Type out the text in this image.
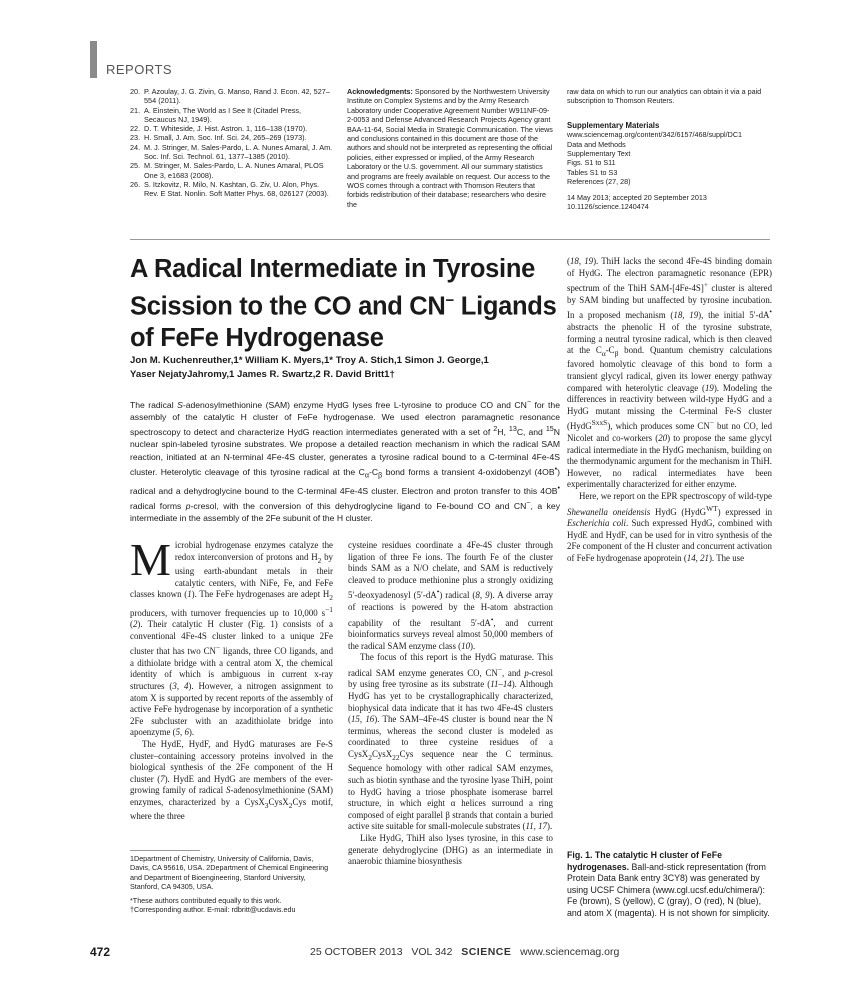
REPORTS
20. P. Azoulay, J. G. Zivin, G. Manso, Rand J. Econ. 42, 527–554 (2011).
21. A. Einstein, The World as I See It (Citadel Press, Secaucus NJ, 1949).
22. D. T. Whiteside, J. Hist. Astron. 1, 116–138 (1970).
23. H. Small, J. Am. Soc. Inf. Sci. 24, 265–269 (1973).
24. M. J. Stringer, M. Sales-Pardo, L. A. Nunes Amaral, J. Am. Soc. Inf. Sci. Technol. 61, 1377–1385 (2010).
25. M. Stringer, M. Sales-Pardo, L. A. Nunes Amaral, PLOS One 3, e1683 (2008).
26. S. Itzkovitz, R. Milo, N. Kashtan, G. Ziv, U. Alon, Phys. Rev. E Stat. Nonlin. Soft Matter Phys. 68, 026127 (2003).
Acknowledgments: Sponsored by the Northwestern University Institute on Complex Systems and by the Army Research Laboratory under Cooperative Agreement Number W911NF-09-2-0053 and Defense Advanced Research Projects Agency grant BAA-11-64, Social Media in Strategic Communication. The views and conclusions contained in this document are those of the authors and should not be interpreted as representing the official policies, either expressed or implied, of the Army Research Laboratory or the U.S. government. All our summary statistics and programs are freely available on request. Our access to the WOS comes through a contract with Thomson Reuters that forbids redistribution of their database; researchers who desire the
raw data on which to run our analytics can obtain it via a paid subscription to Thomson Reuters.
Supplementary Materials
www.sciencemag.org/content/342/6157/468/suppl/DC1
Data and Methods
Supplementary Text
Figs. S1 to S11
Tables S1 to S3
References (27, 28)
14 May 2013; accepted 20 September 2013
10.1126/science.1240474
A Radical Intermediate in Tyrosine
Scission to the CO and CN− Ligands
of FeFe Hydrogenase
Jon M. Kuchenreuther,1* William K. Myers,1* Troy A. Stich,1 Simon J. George,1
Yaser NejatyJahromy,1 James R. Swartz,2 R. David Britt1†
The radical S-adenosylmethionine (SAM) enzyme HydG lyses free L-tyrosine to produce CO and CN− for the assembly of the catalytic H cluster of FeFe hydrogenase. We used electron paramagnetic resonance spectroscopy to detect and characterize HydG reaction intermediates generated with a set of $^2$H, $^{13}$C, and $^{15}$N nuclear spin-labeled tyrosine substrates. We propose a detailed reaction mechanism in which the radical SAM reaction, initiated at an N-terminal 4Fe-4S cluster, generates a tyrosine radical bound to a C-terminal 4Fe-4S cluster. Heterolytic cleavage of this tyrosine radical at the $C_\alpha-C_\beta$ bond forms a transient 4-oxidobenzyl (4OB•) radical and a dehydroglycine bound to the C-terminal 4Fe-4S cluster. Electron and proton transfer to this 4OB• radical forms p-cresol, with the conversion of this dehydroglycine ligand to Fe-bound CO and CN−, a key intermediate in the assembly of the 2Fe subunit of the H cluster.

Microbial hydrogenase enzymes catalyze the redox interconversion of protons and $H_2$ by using earth-abundant metals in their catalytic centers, with NiFe, Fe, and FeFe classes known (1). The FeFe hydrogenases are adept $H_2$ producers, with turnover frequencies up to 10,000 $s^{-1}$ (2). Their catalytic H cluster (Fig. 1) consists of a conventional 4Fe-4S cluster linked to a unique 2Fe cluster that has two CN− ligands, three CO ligands, and a dithiolate bridge with a central atom X, the chemical identity of which is ambiguous in current x-ray structures (3, 4). However, a nitrogen assignment to atom X is supported by recent reports of the assembly of active FeFe hydrogenase by incorporation of a synthetic 2Fe subcluster with an azadithiolate bridge into apoenzyme (5, 6).

The HydE, HydF, and HydG maturases are Fe-S cluster–containing accessory proteins involved in the biological synthesis of the 2Fe component of the H cluster (7). HydE and HydG are members of the ever-growing family of radical S-adenosylmethionine (SAM) enzymes, characterized by a CysX$_3$CysX$_2$Cys motif, where the three

1Department of Chemistry, University of California, Davis, Davis, CA 95616, USA. 2Department of Chemical Engineering and Department of Bioengineering, Stanford University, Stanford, CA 94305, USA.
*These authors contributed equally to this work.
†Corresponding author. E-mail: rdbritt@ucdavis.edu

cysteine residues coordinate a 4Fe-4S cluster through ligation of three Fe ions. The fourth Fe of the cluster binds SAM as a N/O chelate, and SAM is reductively cleaved to produce methionine plus a strongly oxidizing 5′-deoxyadenosyl (5′-dA•) radical (8, 9). A diverse array of reactions is powered by the H-atom abstraction capability of the resultant 5′-dA•, and current bioinformatics surveys reveal almost 50,000 members of the radical SAM enzyme class (10).

The focus of this report is the HydG maturase. This radical SAM enzyme generates CO, CN−, and p-cresol by using free tyrosine as its substrate (11–14). Although HydG has yet to be crystallographically characterized, biophysical data indicate that it has two 4Fe-4S clusters (15, 16). The SAM–4Fe-4S cluster is bound near the N terminus, whereas the second cluster is modeled as coordinated to three cysteine residues of a CysX$_2$CysX$_{22}$Cys sequence near the C terminus. Sequence homology with other radical SAM enzymes, such as biotin synthase and the tyrosine lyase ThiH, point to HydG having a triose phosphate isomerase barrel structure, in which eight α helices surround a ring composed of eight parallel β strands that contain a buried active site suitable for small-molecule substrates (11, 17).

Like HydG, ThiH also lyses tyrosine, in this case to generate dehydroglycine (DHG) as an intermediate in anaerobic thiamine biosynthesis

(18, 19). ThiH lacks the second 4Fe-4S binding domain of HydG. The electron paramagnetic resonance (EPR) spectrum of the ThiH SAM-[4Fe-4S]+ cluster is altered by SAM binding but unaffected by tyrosine incubation. In a proposed mechanism (18, 19), the initial 5′-dA• abstracts the phenolic H of the tyrosine substrate, forming a neutral tyrosine radical, which is then cleaved at the $C_\alpha-C_\beta$ bond. Quantum chemistry calculations favored homolytic cleavage of this bond to form a transient glycyl radical, given its lower energy pathway compared with heterolytic cleavage (19). Modeling the differences in reactivity between wild-type HydG and a HydG mutant missing the C-terminal Fe-S cluster (HydG$^{SxxS}$), which produces some CN− but no CO, led Nicolet and co-workers (20) to propose the same glycyl radical intermediate in the HydG mechanism, building on the thermodynamic argument for the mechanism in ThiH. However, no radical intermediates have been experimentally characterized for either enzyme.

Here, we report on the EPR spectroscopy of wild-type Shewanella oneidensis HydG (HydG$^{WT}$) expressed in Escherichia coli. Such expressed HydG, combined with HydE and HydF, can be used for in vitro synthesis of the 2Fe component of the H cluster and concurrent activation of FeFe hydrogenase apoprotein (14, 21). The use

Fig. 1. The catalytic H cluster of FeFe hydrogenases. Ball-and-stick representation (from Protein Data Bank entry 3CY8) was generated by using UCSF Chimera (www.cgl.ucsf.edu/chimera/): Fe (brown), S (yellow), C (gray), O (red), N (blue), and atom X (magenta). H is not shown for simplicity.
472	25 OCTOBER 2013 VOL 342 SCIENCE www.sciencemag.org
